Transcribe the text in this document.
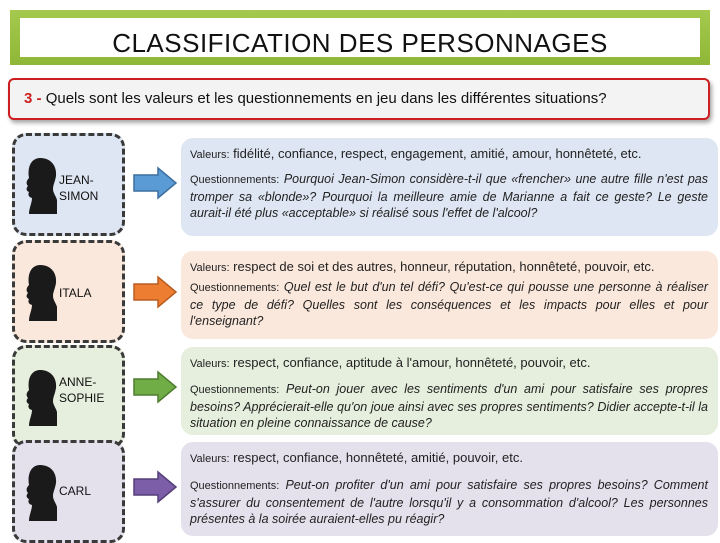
CLASSIFICATION DES PERSONNAGES
3 - Quels sont les valeurs et les questionnements en jeu dans les différentes situations?
JEAN-
SIMON

Valeurs: fidélité, confiance, respect, engagement, amitié, amour, honnêteté, etc.

Questionnements: Pourquoi Jean-Simon considère-t-il que «frencher» une autre fille n'est pas tromper sa «blonde»? Pourquoi la meilleure amie de Marianne a fait ce geste? Le geste aurait-il été plus «acceptable» si réalisé sous l'effet de l'alcool?

ITALA

Valeurs: respect de soi et des autres, honneur, réputation, honnêteté, pouvoir, etc.

Questionnements: Quel est le but d'un tel défi? Qu'est-ce qui pousse une personne à réaliser ce type de défi? Quelles sont les conséquences et les impacts pour elles et pour l'enseignant?

ANNE-
SOPHIE

Valeurs: respect, confiance, aptitude à l'amour, honnêteté, pouvoir, etc.

Questionnements: Peut-on jouer avec les sentiments d'un ami pour satisfaire ses propres besoins? Apprécierait-elle qu'on joue ainsi avec ses propres sentiments? Didier accepte-t-il la situation en pleine connaissance de cause?

CARL

Valeurs: respect, confiance, honnêteté, amitié, pouvoir, etc.

Questionnements: Peut-on profiter d'un ami pour satisfaire ses propres besoins? Comment s'assurer du consentement de l'autre lorsqu'il y a consommation d'alcool? Les personnes présentes à la soirée auraient-elles pu réagir?
